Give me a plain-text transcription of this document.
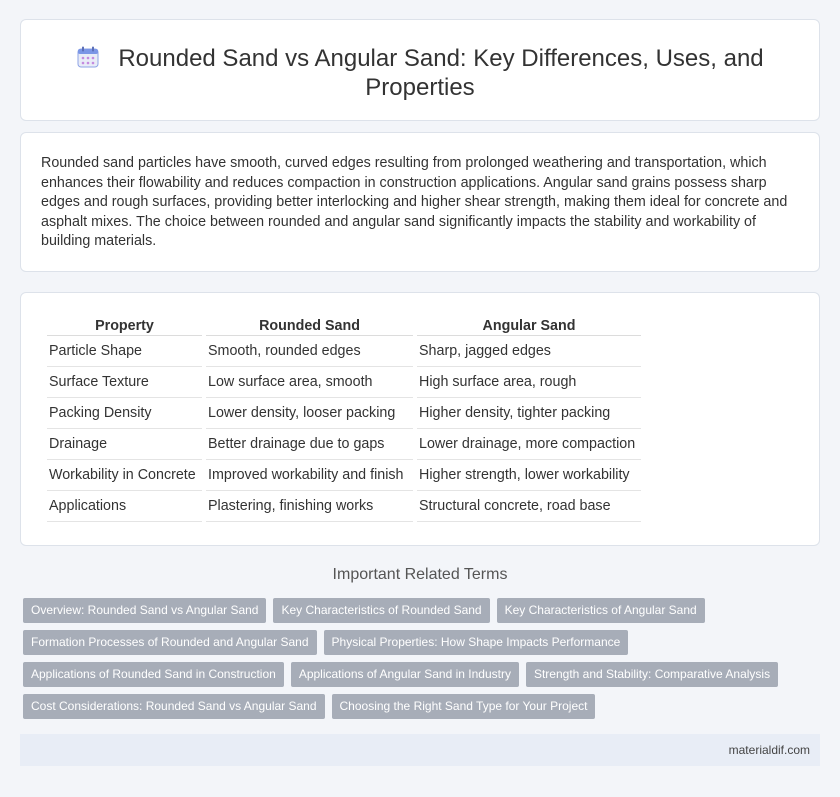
Rounded Sand vs Angular Sand: Key Differences, Uses, and Properties

Rounded sand particles have smooth, curved edges resulting from prolonged weathering and transportation, which enhances their flowability and reduces compaction in construction applications. Angular sand grains possess sharp edges and rough surfaces, providing better interlocking and higher shear strength, making them ideal for concrete and asphalt mixes. The choice between rounded and angular sand significantly impacts the stability and workability of building materials.

Property	Rounded Sand	Angular Sand
Particle Shape	Smooth, rounded edges	Sharp, jagged edges
Surface Texture	Low surface area, smooth	High surface area, rough
Packing Density	Lower density, looser packing	Higher density, tighter packing
Drainage	Better drainage due to gaps	Lower drainage, more compaction
Workability in Concrete	Improved workability and finish	Higher strength, lower workability
Applications	Plastering, finishing works	Structural concrete, road base
Important Related Terms
Overview: Rounded Sand vs Angular Sand	Key Characteristics of Rounded Sand	Key Characteristics of Angular Sand
Formation Processes of Rounded and Angular Sand	Physical Properties: How Shape Impacts Performance
Applications of Rounded Sand in Construction	Applications of Angular Sand in Industry	Strength and Stability: Comparative Analysis
Cost Considerations: Rounded Sand vs Angular Sand	Choosing the Right Sand Type for Your Project
materialdif.com
